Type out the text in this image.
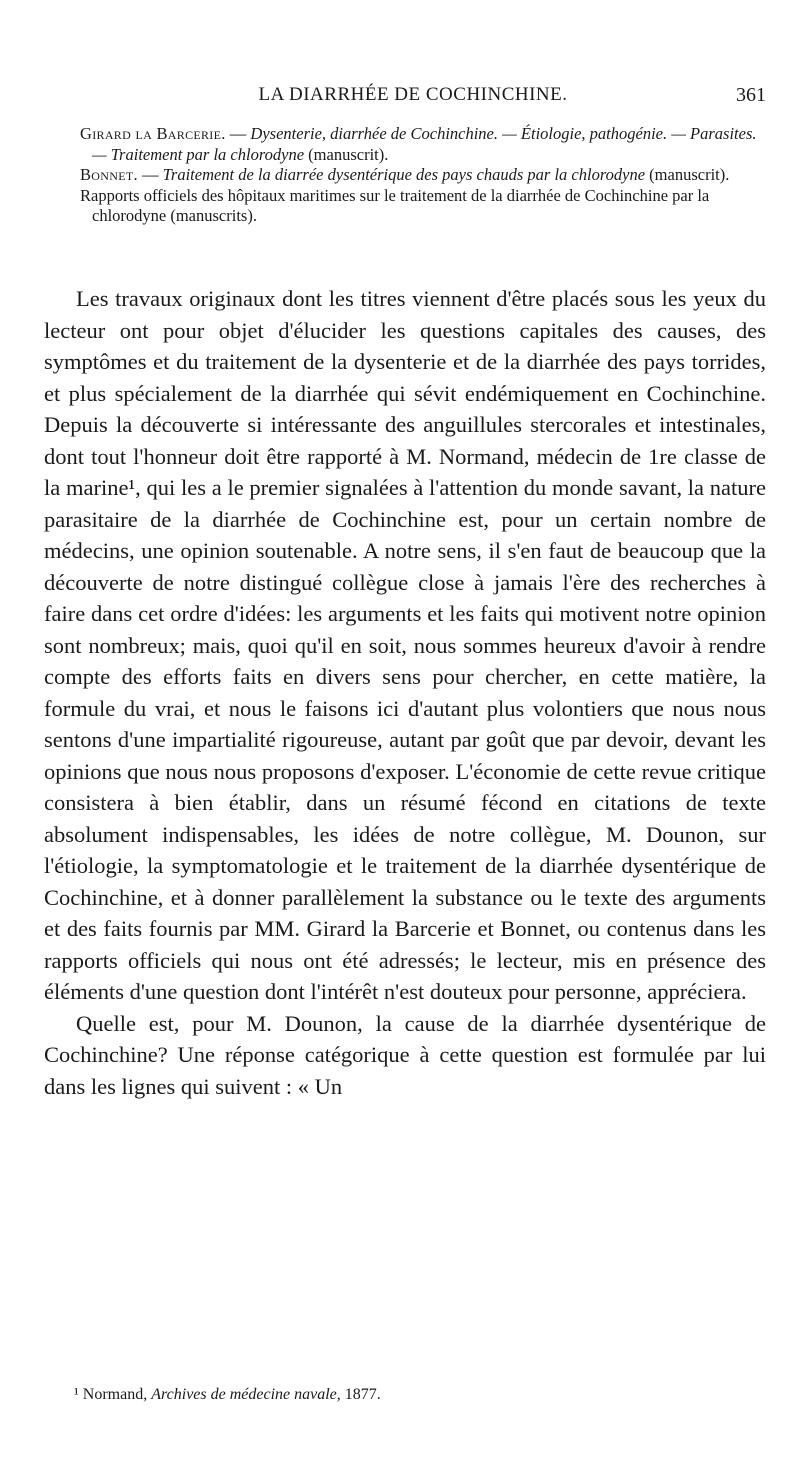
LA DIARRHÉE DE COCHINCHINE.	361

Girard la Barcerie. — Dysenterie, diarrhée de Cochinchine. — Étiologie, pathogénie. — Parasites. — Traitement par la chlorodyne (manuscrit).

Bonnet. — Traitement de la diarrée dysentérique des pays chauds par la chlorodyne (manuscrit).

Rapports officiels des hôpitaux maritimes sur le traitement de la diarrhée de Cochinchine par la chlorodyne (manuscrits).

Les travaux originaux dont les titres viennent d'être placés sous les yeux du lecteur ont pour objet d'élucider les questions capitales des causes, des symptômes et du traitement de la dysenterie et de la diarrhée des pays torrides, et plus spécialement de la diarrhée qui sévit endémiquement en Cochinchine. Depuis la découverte si intéressante des anguillules stercorales et intestinales, dont tout l'honneur doit être rapporté à M. Normand, médecin de 1re classe de la marine¹, qui les a le premier signalées à l'attention du monde savant, la nature parasitaire de la diarrhée de Cochinchine est, pour un certain nombre de médecins, une opinion soutenable. A notre sens, il s'en faut de beaucoup que la découverte de notre distingué collègue close à jamais l'ère des recherches à faire dans cet ordre d'idées: les arguments et les faits qui motivent notre opinion sont nombreux; mais, quoi qu'il en soit, nous sommes heureux d'avoir à rendre compte des efforts faits en divers sens pour chercher, en cette matière, la formule du vrai, et nous le faisons ici d'autant plus volontiers que nous nous sentons d'une impartialité rigoureuse, autant par goût que par devoir, devant les opinions que nous nous proposons d'exposer. L'économie de cette revue critique consistera à bien établir, dans un résumé fécond en citations de texte absolument indispensables, les idées de notre collègue, M. Dounon, sur l'étiologie, la symptomatologie et le traitement de la diarrhée dysentérique de Cochinchine, et à donner parallèlement la substance ou le texte des arguments et des faits fournis par MM. Girard la Barcerie et Bonnet, ou contenus dans les rapports officiels qui nous ont été adressés; le lecteur, mis en présence des éléments d'une question dont l'intérêt n'est douteux pour personne, appréciera.

Quelle est, pour M. Dounon, la cause de la diarrhée dysentérique de Cochinchine? Une réponse catégorique à cette question est formulée par lui dans les lignes qui suivent : « Un

¹ Normand, Archives de médecine navale, 1877.
